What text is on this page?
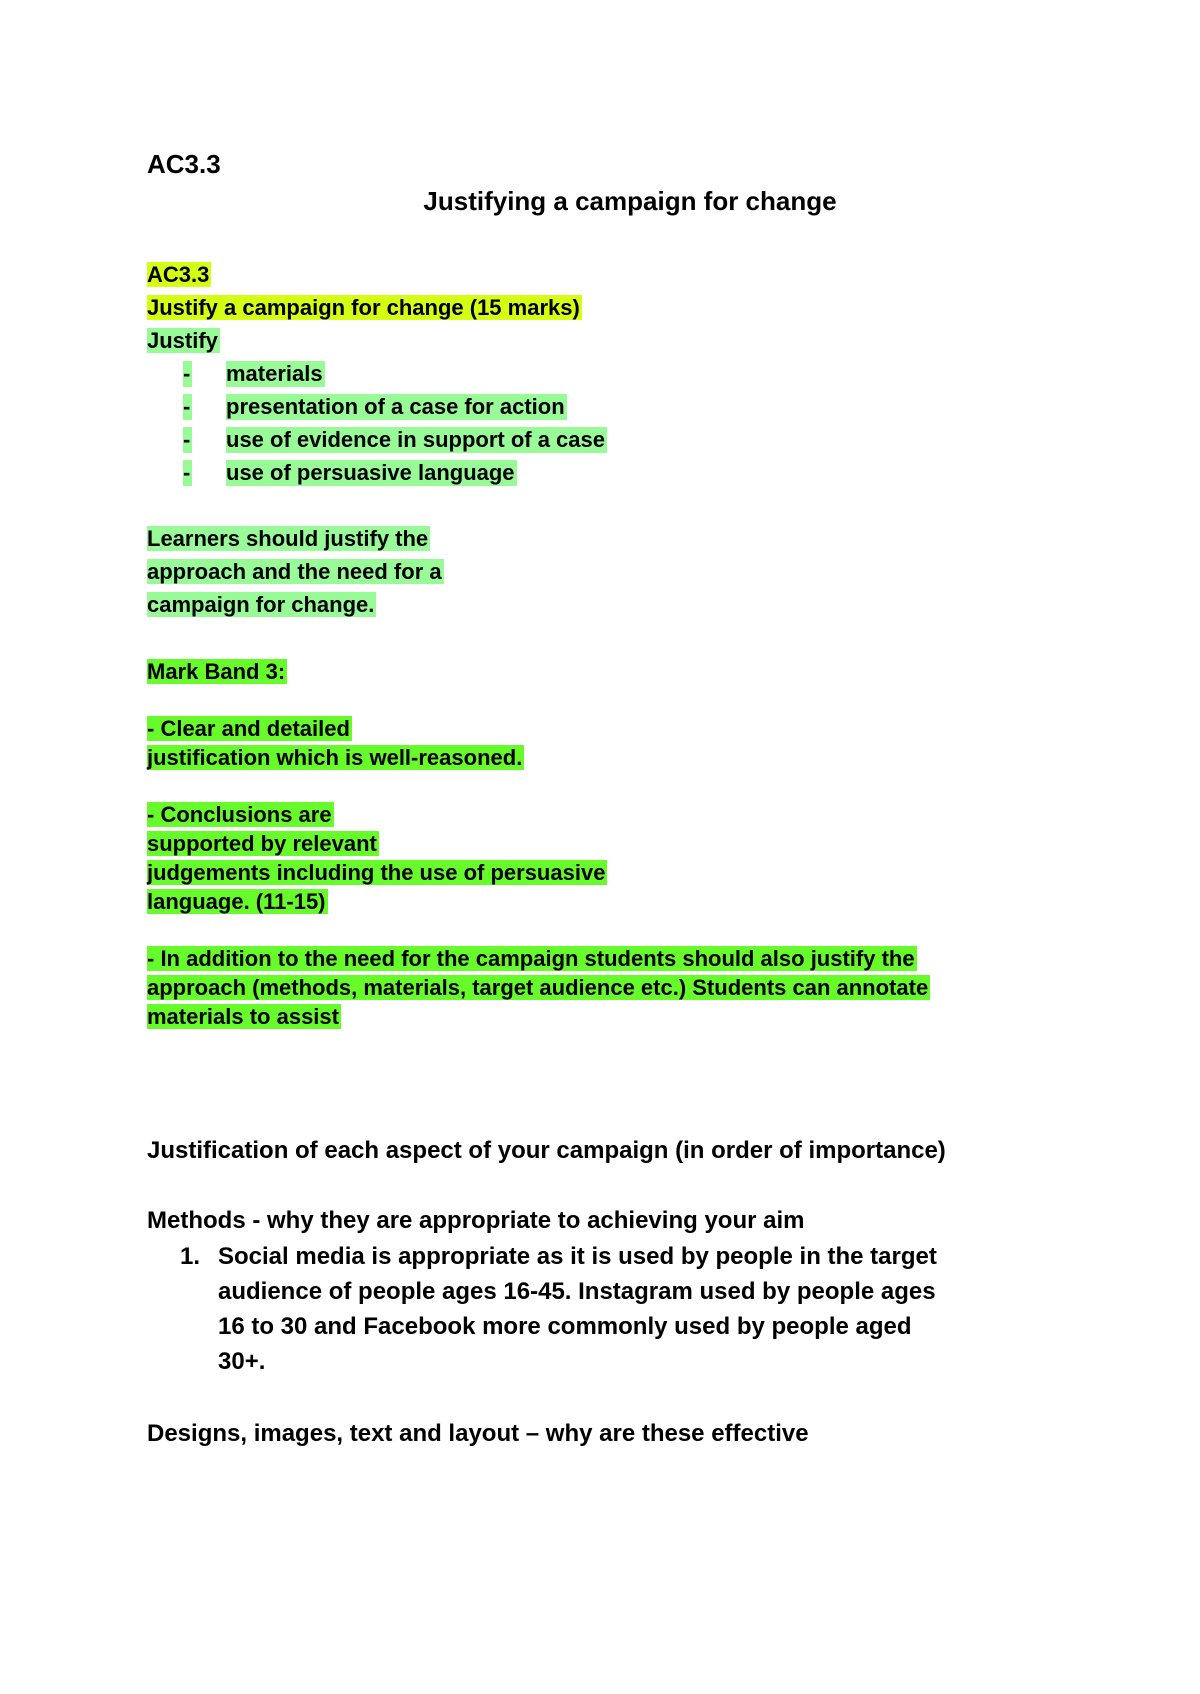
AC3.3
Justifying a campaign for change
AC3.3
Justify a campaign for change (15 marks)
Justify
- materials
- presentation of a case for action
- use of evidence in support of a case
- use of persuasive language
Learners should justify the
approach and the need for a
campaign for change.
Mark Band 3:
- Clear and detailed
justification which is well-reasoned.
- Conclusions are
supported by relevant
judgements including the use of persuasive
language. (11-15)
- In addition to the need for the campaign students should also justify the
approach (methods, materials, target audience etc.) Students can annotate
materials to assist
Justification of each aspect of your campaign (in order of importance)
Methods - why they are appropriate to achieving your aim
1. Social media is appropriate as it is used by people in the target
audience of people ages 16-45. Instagram used by people ages
16 to 30 and Facebook more commonly used by people aged
30+.
Designs, images, text and layout – why are these effective
